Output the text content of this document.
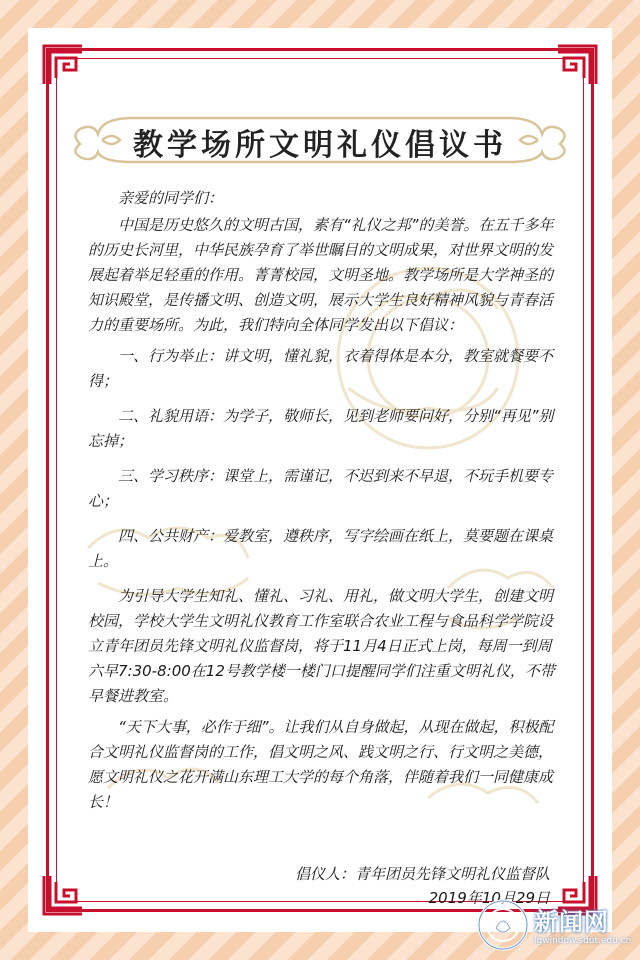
教学场所文明礼仪倡议书

亲爱的同学们：

中国是历史悠久的文明古国，素有“礼仪之邦”的美誉。在五千多年的历史长河里，中华民族孕育了举世瞩目的文明成果，对世界文明的发展起着举足轻重的作用。菁菁校园，文明圣地。教学场所是大学神圣的知识殿堂，是传播文明、创造文明，展示大学生良好精神风貌与青春活力的重要场所。为此，我们特向全体同学发出以下倡议：

一、行为举止：讲文明，懂礼貌，衣着得体是本分，教室就餐要不得；

二、礼貌用语：为学子，敬师长，见到老师要问好，分别“再见”别忘掉；

三、学习秩序：课堂上，需谨记，不迟到来不早退，不玩手机要专心；

四、公共财产：爱教室，遵秩序，写字绘画在纸上，莫要题在课桌上。

为引导大学生知礼、懂礼、习礼、用礼，做文明大学生，创建文明校园，学校大学生文明礼仪教育工作室联合农业工程与食品科学学院设立青年团员先锋文明礼仪监督岗，将于11月4日正式上岗，每周一到周六早7:30-8:00在12号教学楼一楼门口提醒同学们注重文明礼仪，不带早餐进教室。

“天下大事，必作于细”。让我们从自身做起，从现在做起，积极配合文明礼仪监督岗的工作，倡文明之风、践文明之行、行文明之美德，愿文明礼仪之花开满山东理工大学的每个角落，伴随着我们一同健康成长！

倡仪人：青年团员先锋文明礼仪监督队
2019年10月29日
新闻网
lgwindow.sdut.edu.cn
